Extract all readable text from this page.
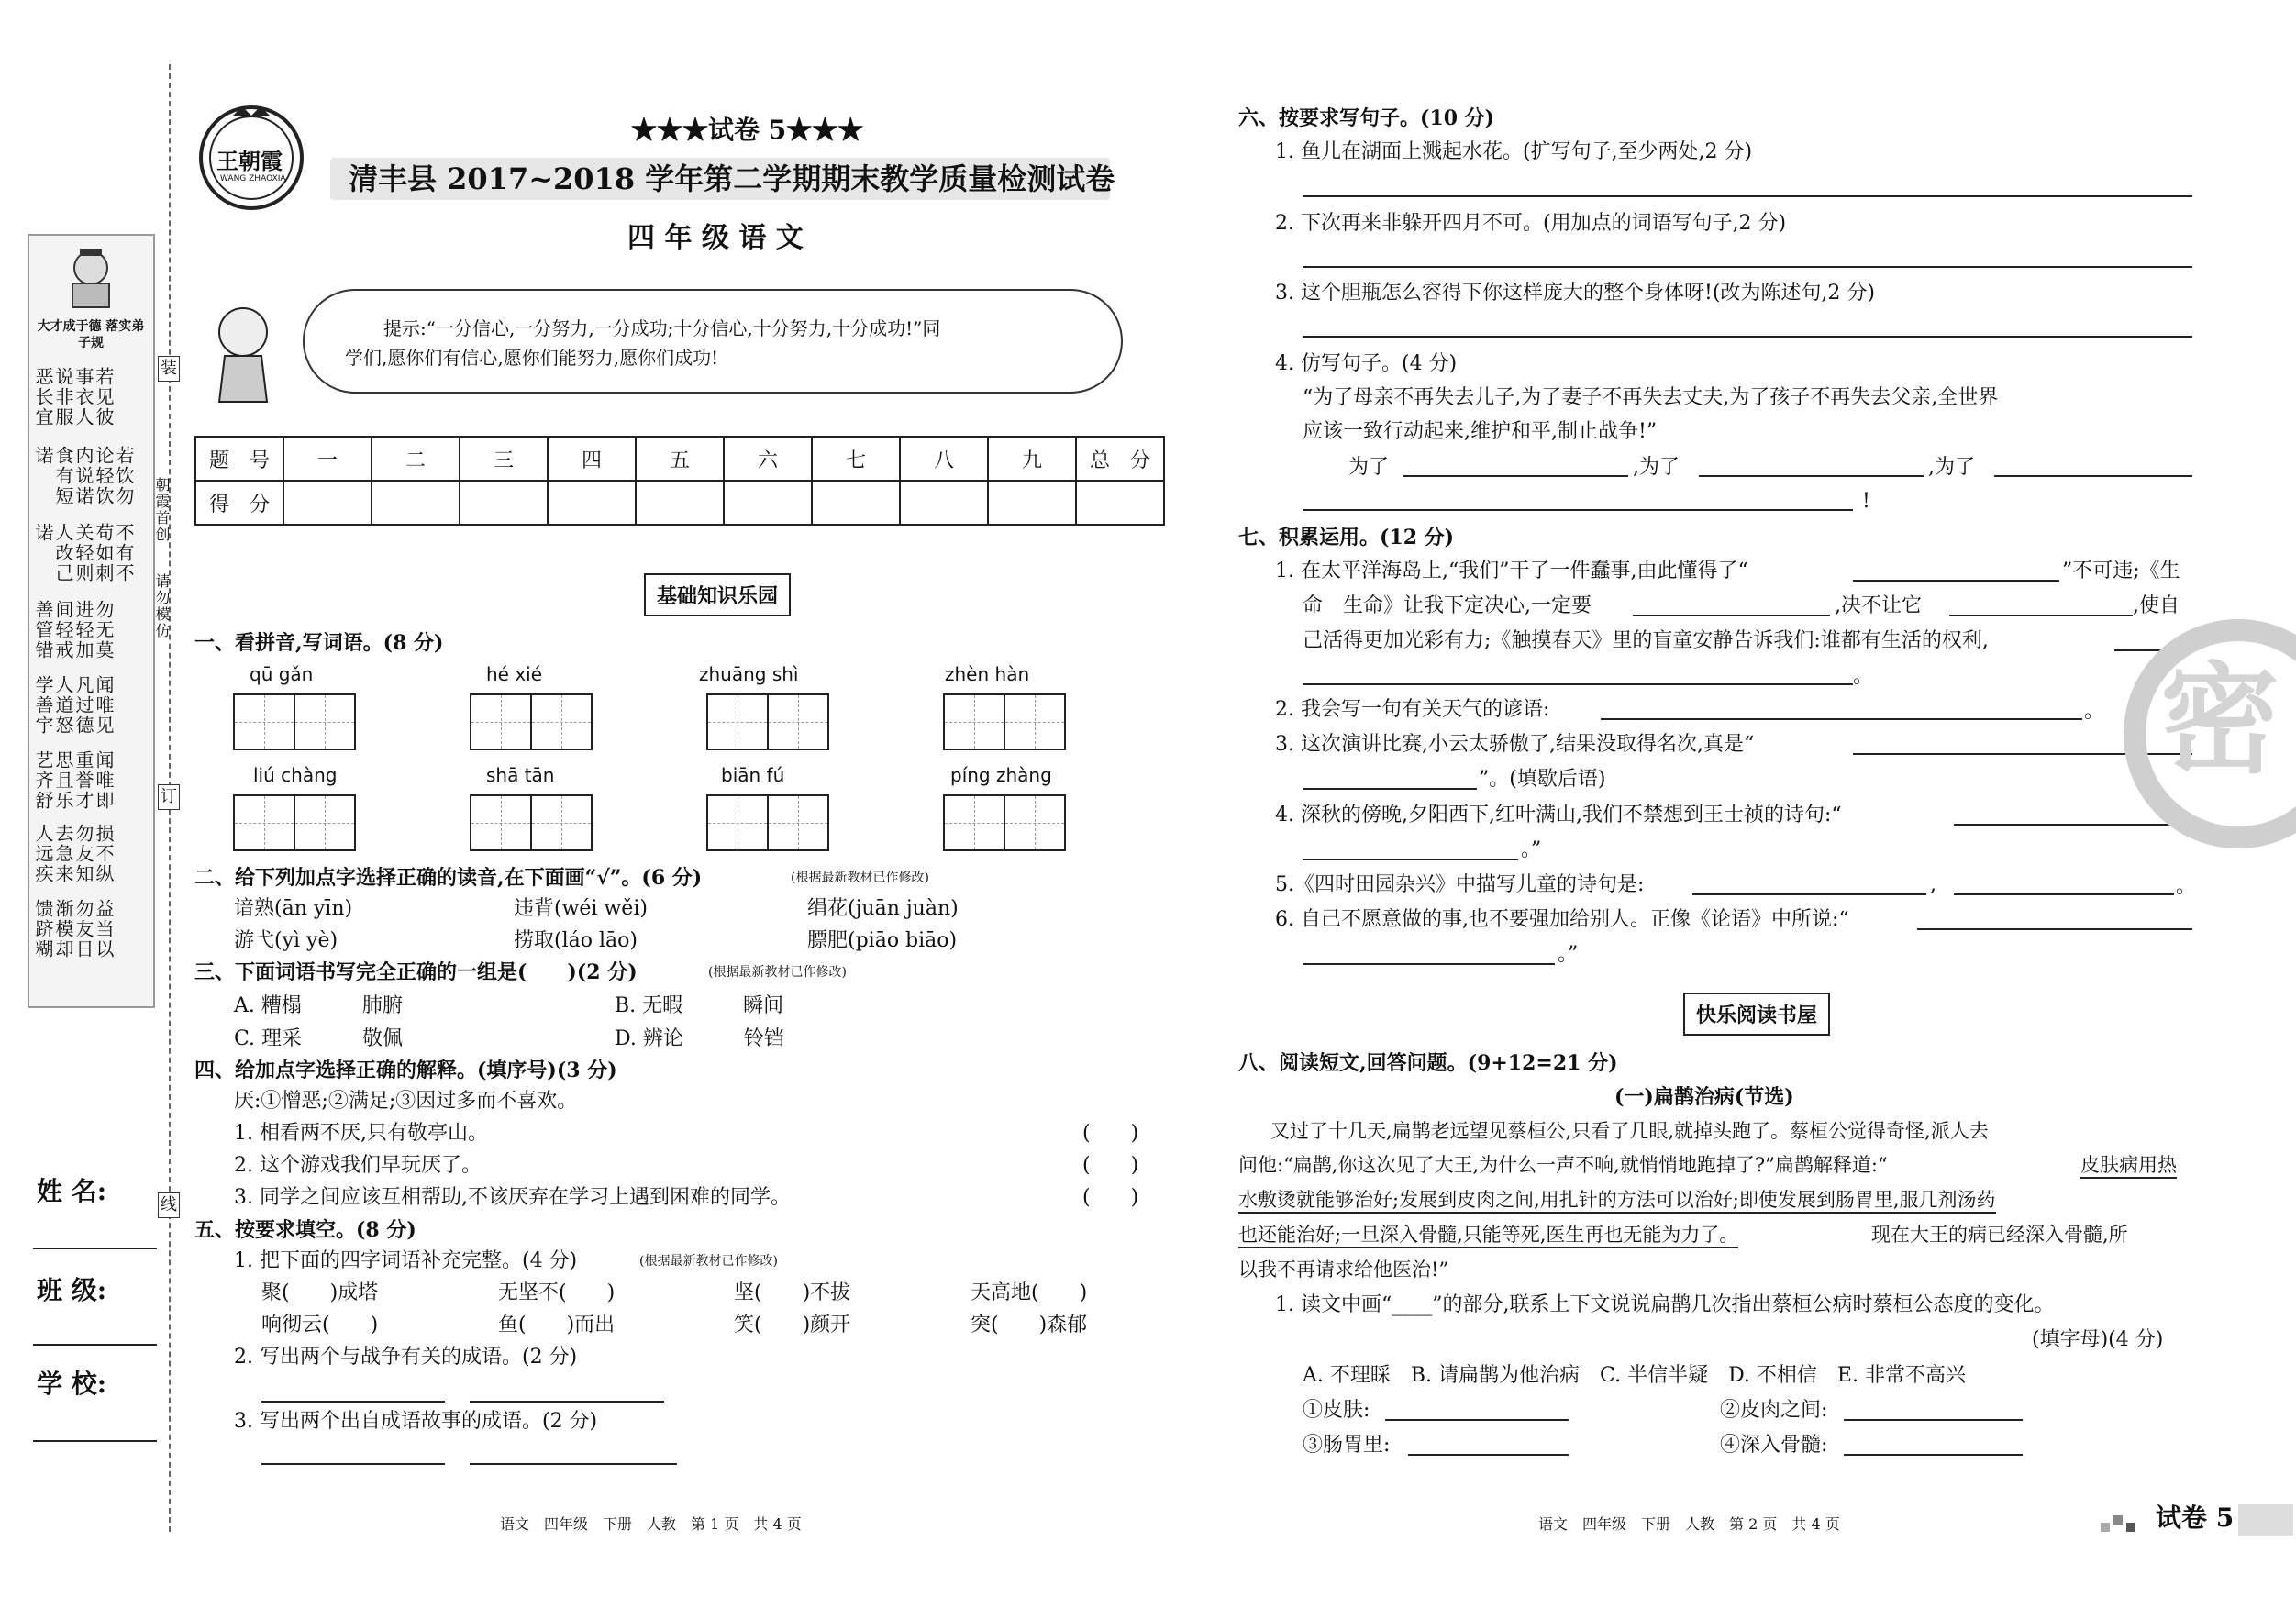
大才成于德 落实弟子规
若见彼事衣人说非服恶长宜
若饮勿论轻饮内说诺食有短诺
不有不苟如刺关轻则人改己诺
勿无莫进轻加间轻戒善管错
闻唯见凡过德人道怒学善宇
闻唯即重誉才思且乐艺齐舒
损不纵勿友知去急来人远疾
益当以勿友日渐模却馈跻糊
装
订
线
朝霞首创
请勿模仿
姓 名:
班 级:
学 校:
王朝霞
WANG ZHAOXIA
★★★试卷 5★★★
清丰县 2017~2018 学年第二学期期末教学质量检测试卷
四 年 级 语 文
提示:“一分信心,一分努力,一分成功;十分信心,十分努力,十分成功!”同
学们,愿你们有信心,愿你们能努力,愿你们成功!
题　号	一	二	三	四	五	六	七	八	九	总　分
得　分										
基础知识乐园
一、看拼音,写词语。(8 分)
qū gǎn	hé xié	zhuāng shì	zhèn hàn
liú chàng	shā tān	biān fú	píng zhàng
二、给下列加点字选择正确的读音,在下面画“√”。(6 分)	(根据最新教材已作修改)
谙熟(ān yīn)	违背(wéi wěi)	绢花(juān juàn)
游弋(yì yè)	捞取(láo lāo)	膘肥(piāo biāo)
三、下面词语书写完全正确的一组是(　　)(2 分)	(根据最新教材已作修改)
A. 糟榻　　　肺腑	B. 无暇　　　瞬间
C. 理采　　　敬佩	D. 辨论　　　铃铛
四、给加点字选择正确的解释。(填序号)(3 分)
厌:①憎恶;②满足;③因过多而不喜欢。
1. 相看两不厌,只有敬亭山。	(　　)
2. 这个游戏我们早玩厌了。	(　　)
3. 同学之间应该互相帮助,不该厌弃在学习上遇到困难的同学。	(　　)
五、按要求填空。(8 分)
1. 把下面的四字词语补充完整。(4 分)	(根据最新教材已作修改)
聚(　　)成塔	无坚不(　　)	坚(　　)不拔	天高地(　　)
响彻云(　　)	鱼(　　)而出	笑(　　)颜开	突(　　)森郁
2. 写出两个与战争有关的成语。(2 分)
3. 写出两个出自成语故事的成语。(2 分)
语文　四年级　下册　人教　第 1 页　共 4 页
六、按要求写句子。(10 分)
1. 鱼儿在湖面上溅起水花。(扩写句子,至少两处,2 分)
2. 下次再来非躲开四月不可。(用加点的词语写句子,2 分)
3. 这个胆瓶怎么容得下你这样庞大的整个身体呀!(改为陈述句,2 分)
4. 仿写句子。(4 分)
“为了母亲不再失去儿子,为了妻子不再失去丈夫,为了孩子不再失去父亲,全世界
应该一致行动起来,维护和平,制止战争!”
为了	,为了	,为了
!
七、积累运用。(12 分)
1. 在太平洋海岛上,“我们”干了一件蠢事,由此懂得了“	”不可违;《生
命　生命》让我下定决心,一定要	,决不让它	,使自
己活得更加光彩有力;《触摸春天》里的盲童安静告诉我们:谁都有生活的权利,
。
2. 我会写一句有关天气的谚语:	。
3. 这次演讲比赛,小云太骄傲了,结果没取得名次,真是“
”。(填歇后语)
4. 深秋的傍晚,夕阳西下,红叶满山,我们不禁想到王士祯的诗句:“
。”
5.《四时田园杂兴》中描写儿童的诗句是:	,	。
6. 自己不愿意做的事,也不要强加给别人。正像《论语》中所说:“
。”
快乐阅读书屋
八、阅读短文,回答问题。(9+12=21 分)
(一)扁鹊治病(节选)
又过了十几天,扁鹊老远望见蔡桓公,只看了几眼,就掉头跑了。蔡桓公觉得奇怪,派人去
问他:“扁鹊,你这次见了大王,为什么一声不响,就悄悄地跑掉了?”扁鹊解释道:“	皮肤病用热
水敷烫就能够治好;发展到皮肉之间,用扎针的方法可以治好;即使发展到肠胃里,服几剂汤药
也还能治好;一旦深入骨髓,只能等死,医生再也无能为力了。	现在大王的病已经深入骨髓,所
以我不再请求给他医治!”
1. 读文中画“____”的部分,联系上下文说说扁鹊几次指出蔡桓公病时蔡桓公态度的变化。
(填字母)(4 分)
A. 不理睬　B. 请扁鹊为他治病　C. 半信半疑　D. 不相信　E. 非常不高兴
①皮肤:	②皮肉之间:
③肠胃里:	④深入骨髓:
语文　四年级　下册　人教　第 2 页　共 4 页	试卷 5
密
